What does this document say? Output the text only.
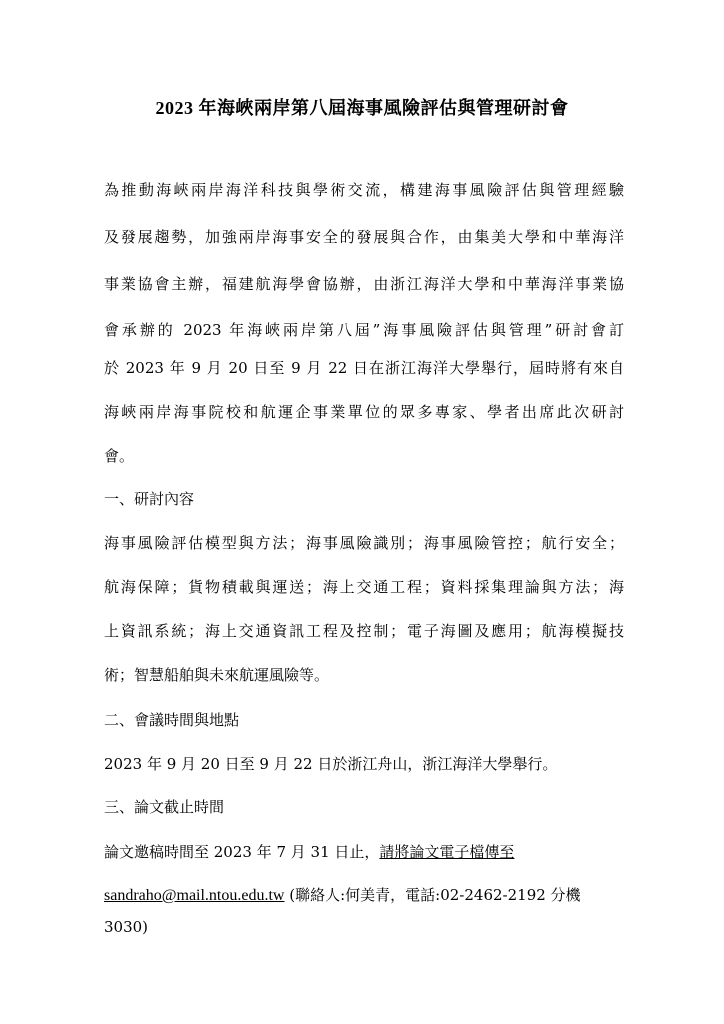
2023 年海峽兩岸第八屆海事風險評估與管理研討會
為推動海峽兩岸海洋科技與學術交流，構建海事風險評估與管理經驗
及發展趨勢，加強兩岸海事安全的發展與合作，由集美大學和中華海洋
事業協會主辦，福建航海學會協辦，由浙江海洋大學和中華海洋事業協
會承辦的 2023 年海峽兩岸第八屆”海事風險評估與管理”研討會訂
於 2023 年 9 月 20 日至 9 月 22 日在浙江海洋大學舉行，屆時將有來自
海峽兩岸海事院校和航運企事業單位的眾多專家、學者出席此次研討
會。
一、研討內容
海事風險評估模型與方法；海事風險識別；海事風險管控；航行安全；
航海保障；貨物積載與運送；海上交通工程；資料採集理論與方法；海
上資訊系統；海上交通資訊工程及控制；電子海圖及應用；航海模擬技
術；智慧船舶與未來航運風險等。
二、會議時間與地點
2023 年 9 月 20 日至 9 月 22 日於浙江舟山，浙江海洋大學舉行。
三、論文截止時間
論文邀稿時間至 2023 年 7 月 31 日止，請將論文電子檔傳至
sandraho@mail.ntou.edu.tw (聯絡人:何美青，電話:02-2462-2192 分機
3030)
